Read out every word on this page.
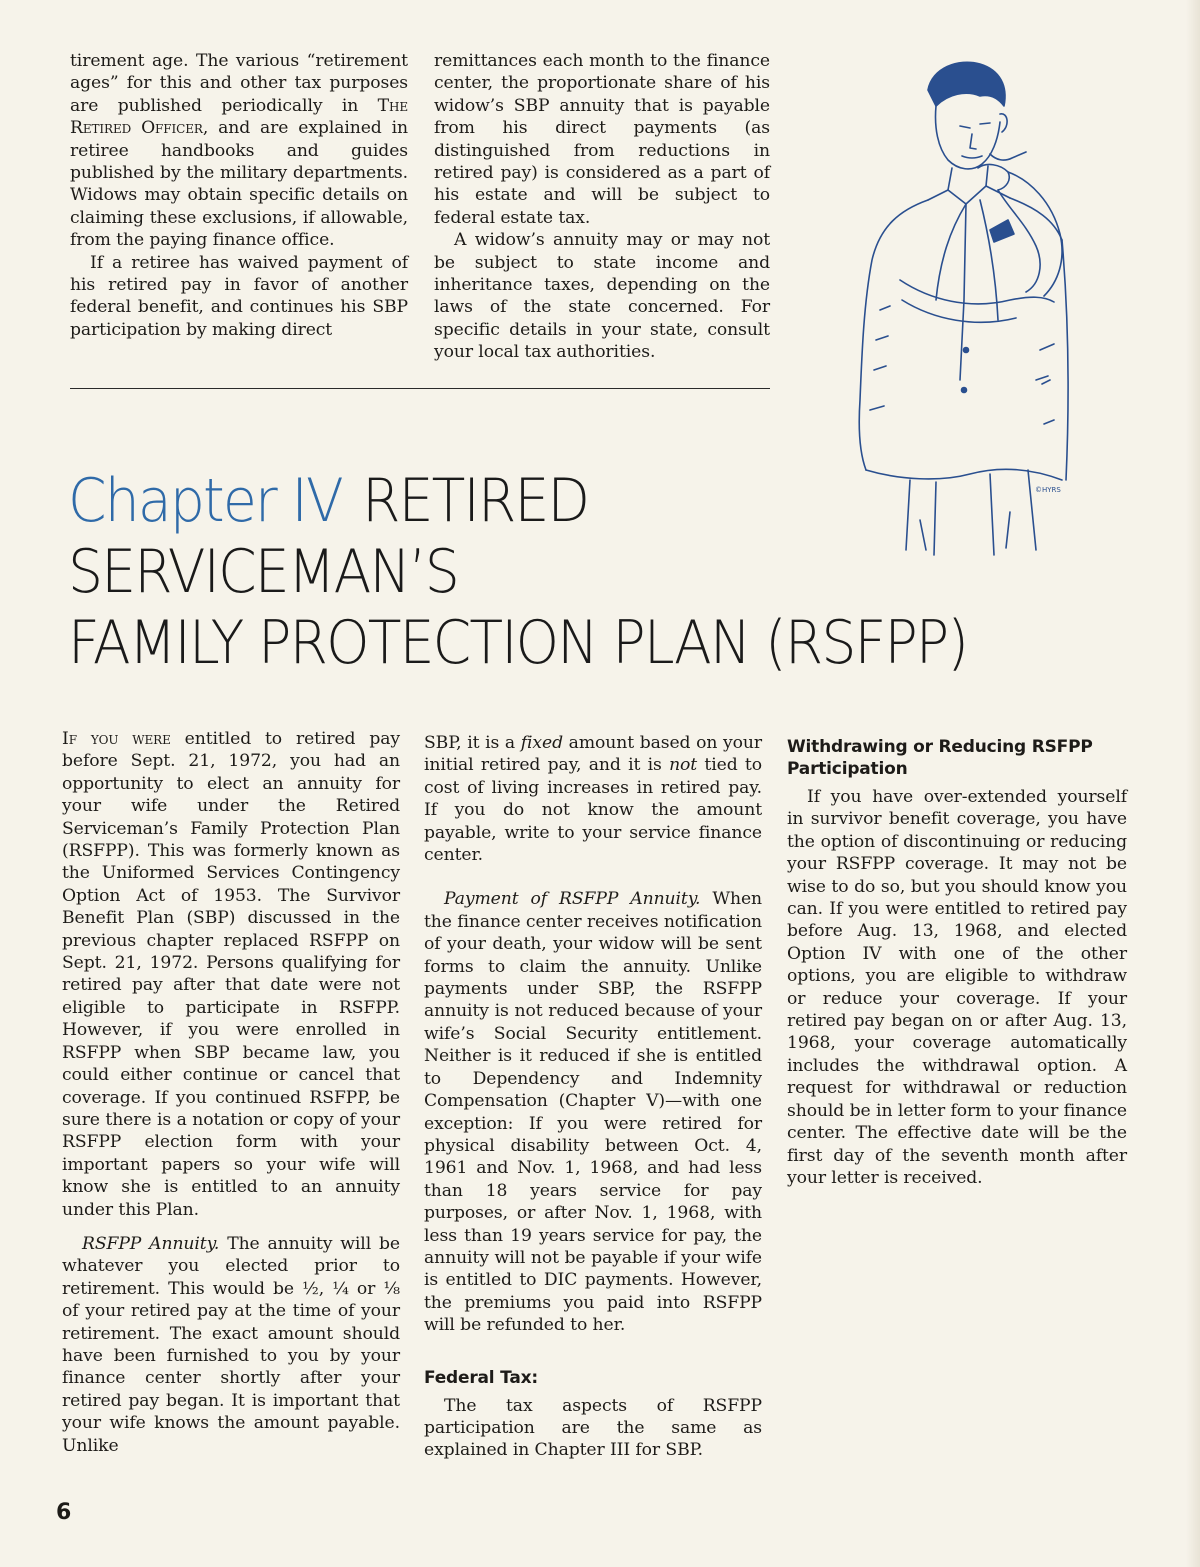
tirement age. The various “retirement ages” for this and other tax purposes are published periodically in The Retired Officer, and are explained in retiree handbooks and guides published by the military departments. Widows may obtain specific details on claiming these exclusions, if allowable, from the paying finance office.

If a retiree has waived payment of his retired pay in favor of another federal benefit, and continues his SBP participation by making direct

remittances each month to the finance center, the proportionate share of his widow’s SBP annuity that is payable from his direct payments (as distinguished from reductions in retired pay) is considered as a part of his estate and will be subject to federal estate tax.

A widow’s annuity may or may not be subject to state income and inheritance taxes, depending on the laws of the state concerned. For specific details in your state, consult your local tax authorities.

©HYRS
Chapter IV RETIRED
SERVICEMAN’S
FAMILY PROTECTION PLAN (RSFPP)

If you were entitled to retired pay before Sept. 21, 1972, you had an opportunity to elect an annuity for your wife under the Retired Serviceman’s Family Protection Plan (RSFPP). This was formerly known as the Uniformed Services Contingency Option Act of 1953. The Survivor Benefit Plan (SBP) discussed in the previous chapter replaced RSFPP on Sept. 21, 1972. Persons qualifying for retired pay after that date were not eligible to participate in RSFPP. However, if you were enrolled in RSFPP when SBP became law, you could either continue or cancel that coverage. If you continued RSFPP, be sure there is a notation or copy of your RSFPP election form with your important papers so your wife will know she is entitled to an annuity under this Plan.

RSFPP Annuity. The annuity will be whatever you elected prior to retirement. This would be ½, ¼ or ⅛ of your retired pay at the time of your retirement. The exact amount should have been furnished to you by your finance center shortly after your retired pay began. It is important that your wife knows the amount payable. Unlike

SBP, it is a fixed amount based on your initial retired pay, and it is not tied to cost of living increases in retired pay. If you do not know the amount payable, write to your service finance center.

Payment of RSFPP Annuity. When the finance center receives notification of your death, your widow will be sent forms to claim the annuity. Unlike payments under SBP, the RSFPP annuity is not reduced because of your wife’s Social Security entitlement. Neither is it reduced if she is entitled to Dependency and Indemnity Compensation (Chapter V)—with one exception: If you were retired for physical disability between Oct. 4, 1961 and Nov. 1, 1968, and had less than 18 years service for pay purposes, or after Nov. 1, 1968, with less than 19 years service for pay, the annuity will not be payable if your wife is entitled to DIC payments. However, the premiums you paid into RSFPP will be refunded to her.

Federal Tax:

The tax aspects of RSFPP participation are the same as explained in Chapter III for SBP.

Withdrawing or Reducing RSFPP Participation

If you have over-extended yourself in survivor benefit coverage, you have the option of discontinuing or reducing your RSFPP coverage. It may not be wise to do so, but you should know you can. If you were entitled to retired pay before Aug. 13, 1968, and elected Option IV with one of the other options, you are eligible to withdraw or reduce your coverage. If your retired pay began on or after Aug. 13, 1968, your coverage automatically includes the withdrawal option. A request for withdrawal or reduction should be in letter form to your finance center. The effective date will be the first day of the seventh month after your letter is received.

6
